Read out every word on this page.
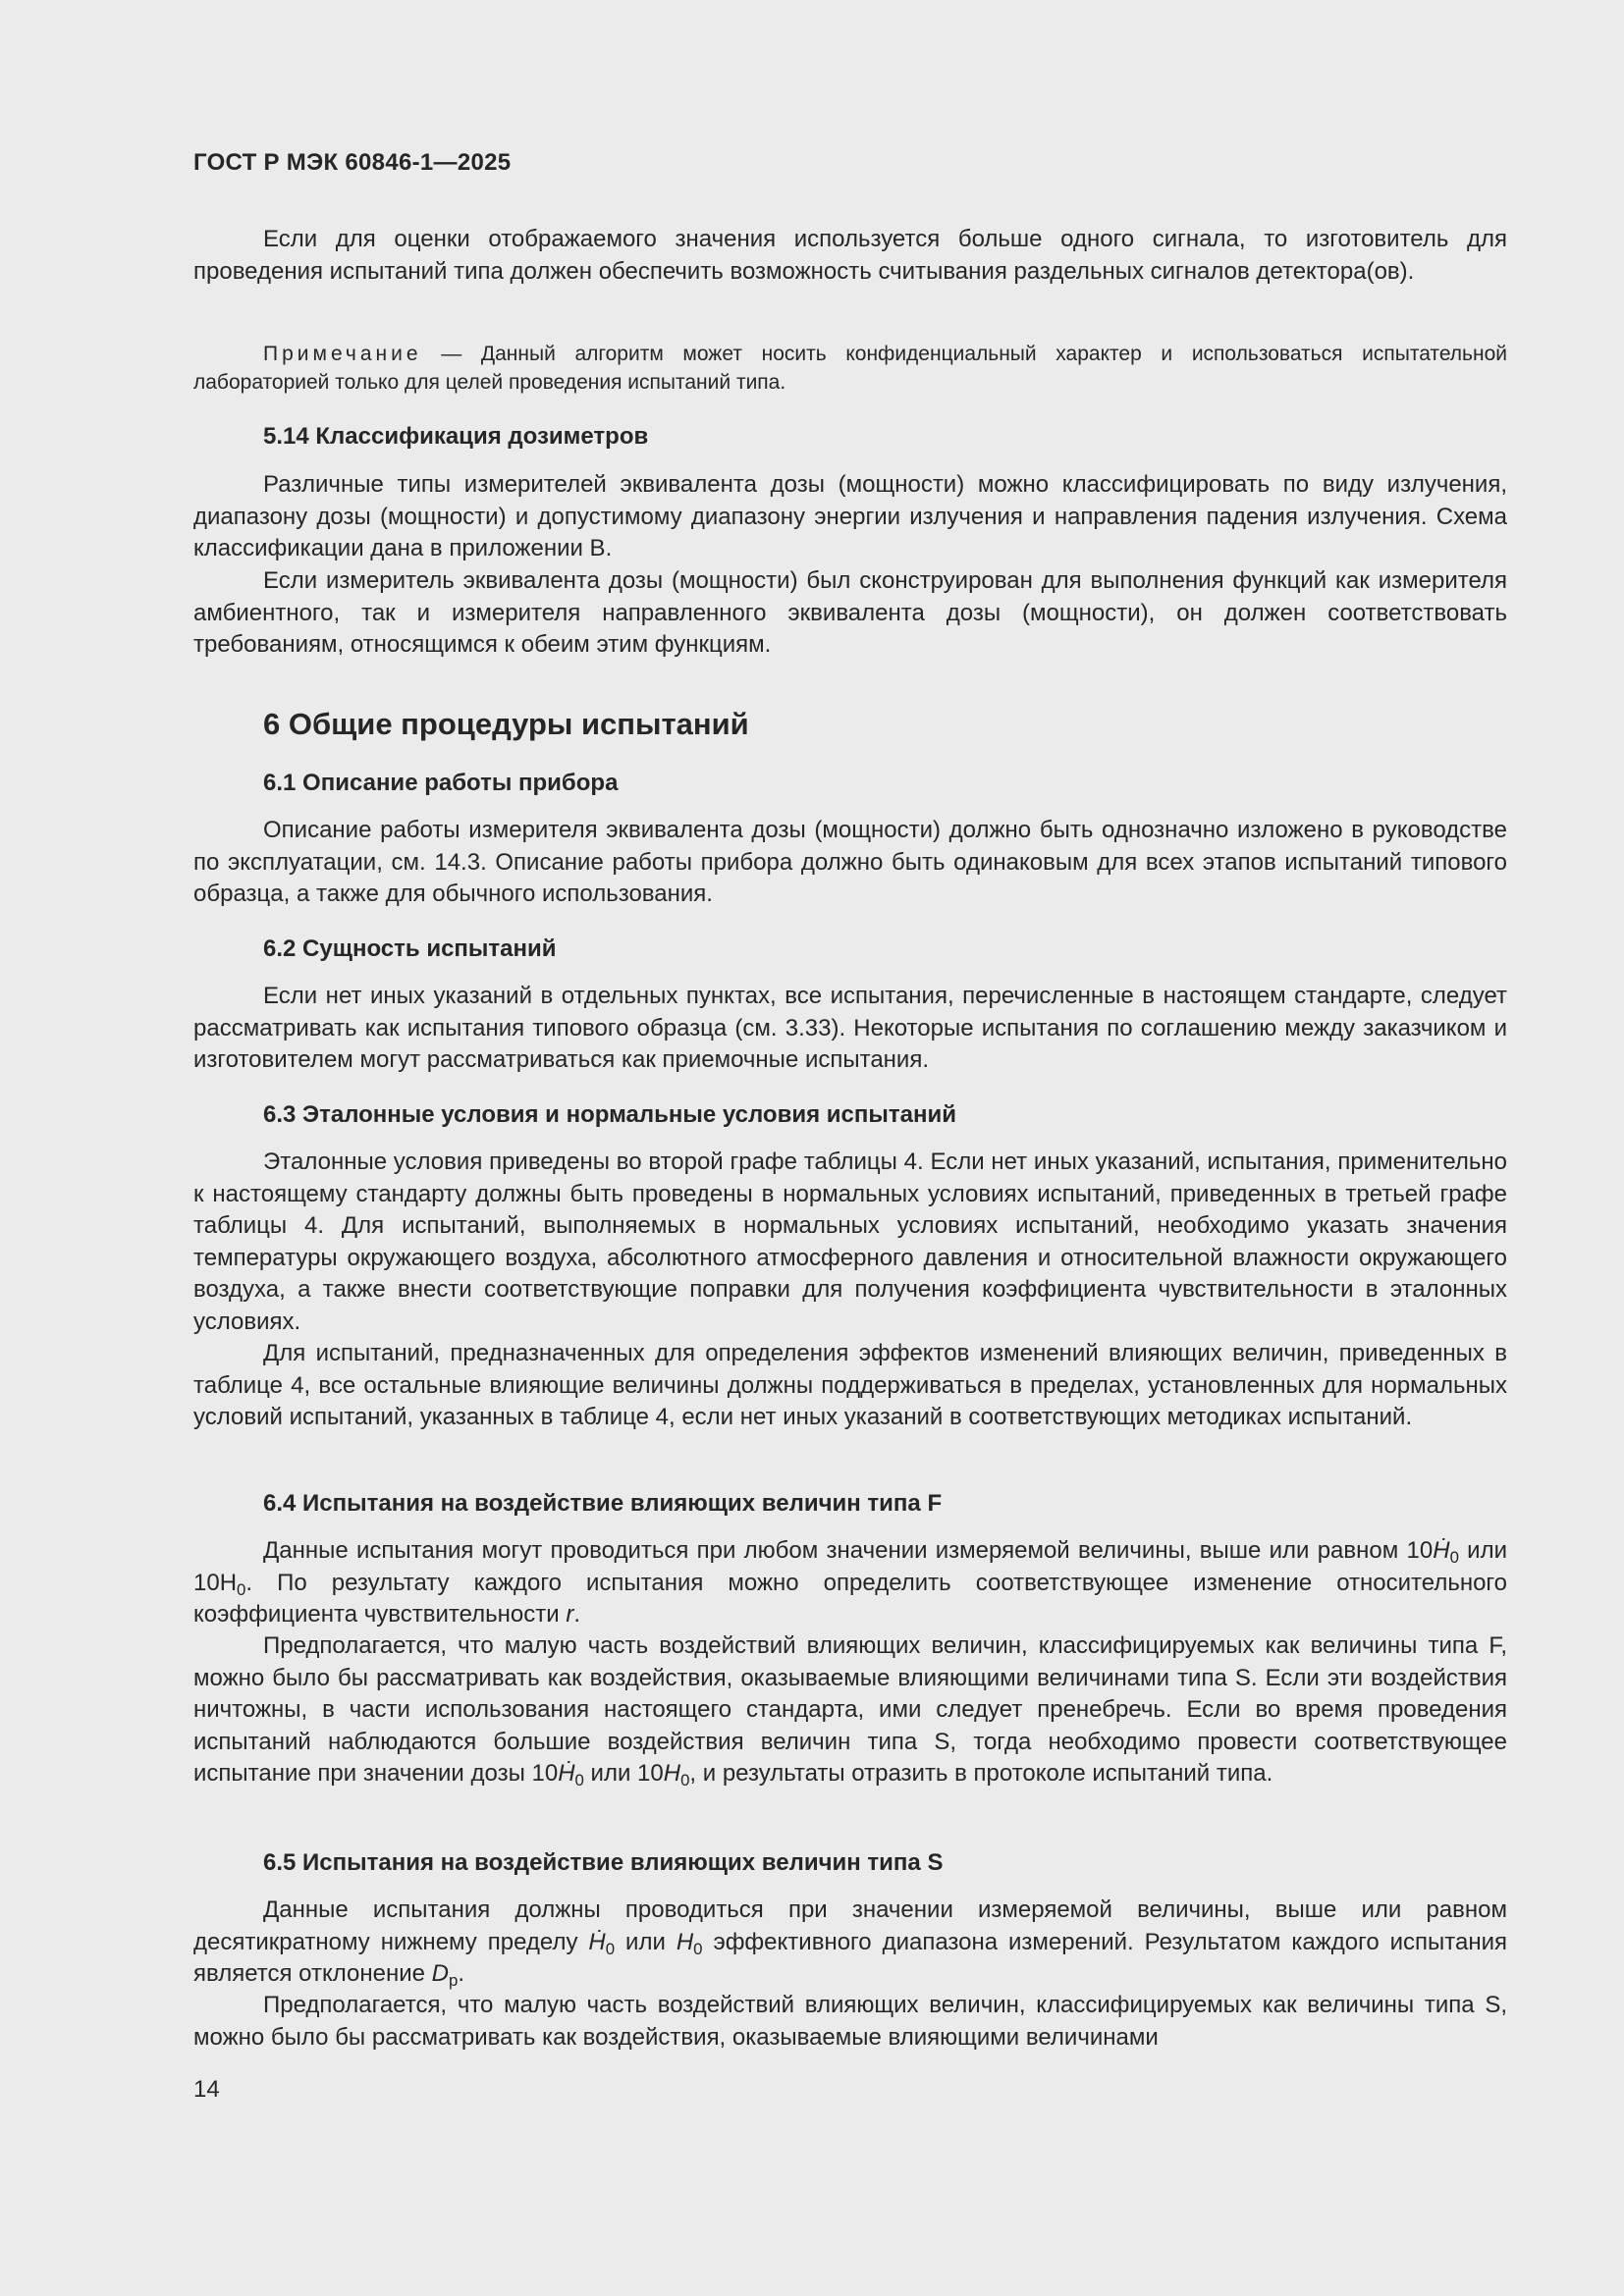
ГОСТ Р МЭК 60846-1—2025
Если для оценки отображаемого значения используется больше одного сигнала, то изготовитель для проведения испытаний типа должен обеспечить возможность считывания раздельных сигналов детектора(ов).
Примечание — Данный алгоритм может носить конфиденциальный характер и использоваться испытательной лабораторией только для целей проведения испытаний типа.
5.14 Классификация дозиметров
Различные типы измерителей эквивалента дозы (мощности) можно классифицировать по виду излучения, диапазону дозы (мощности) и допустимому диапазону энергии излучения и направления падения излучения. Схема классификации дана в приложении В.
Если измеритель эквивалента дозы (мощности) был сконструирован для выполнения функций как измерителя амбиентного, так и измерителя направленного эквивалента дозы (мощности), он должен соответствовать требованиям, относящимся к обеим этим функциям.
6 Общие процедуры испытаний
6.1 Описание работы прибора
Описание работы измерителя эквивалента дозы (мощности) должно быть однозначно изложено в руководстве по эксплуатации, см. 14.3. Описание работы прибора должно быть одинаковым для всех этапов испытаний типового образца, а также для обычного использования.
6.2 Сущность испытаний
Если нет иных указаний в отдельных пунктах, все испытания, перечисленные в настоящем стандарте, следует рассматривать как испытания типового образца (см. 3.33). Некоторые испытания по соглашению между заказчиком и изготовителем могут рассматриваться как приемочные испытания.
6.3 Эталонные условия и нормальные условия испытаний
Эталонные условия приведены во второй графе таблицы 4. Если нет иных указаний, испытания, применительно к настоящему стандарту должны быть проведены в нормальных условиях испытаний, приведенных в третьей графе таблицы 4. Для испытаний, выполняемых в нормальных условиях испытаний, необходимо указать значения температуры окружающего воздуха, абсолютного атмосферного давления и относительной влажности окружающего воздуха, а также внести соответствующие поправки для получения коэффициента чувствительности в эталонных условиях.
Для испытаний, предназначенных для определения эффектов изменений влияющих величин, приведенных в таблице 4, все остальные влияющие величины должны поддерживаться в пределах, установленных для нормальных условий испытаний, указанных в таблице 4, если нет иных указаний в соответствующих методиках испытаний.
6.4 Испытания на воздействие влияющих величин типа F
Данные испытания могут проводиться при любом значении измеряемой величины, выше или равном 10Ḣ$_0$ или $10H_0$. По результату каждого испытания можно определить соответствующее изменение относительного коэффициента чувствительности r.
Предполагается, что малую часть воздействий влияющих величин, классифицируемых как величины типа F, можно было бы рассматривать как воздействия, оказываемые влияющими величинами типа S. Если эти воздействия ничтожны, в части использования настоящего стандарта, ими следует пренебречь. Если во время проведения испытаний наблюдаются большие воздействия величин типа S, тогда необходимо провести соответствующее испытание при значении дозы 10Ḣ$_0$ или $10H_0$, и результаты отразить в протоколе испытаний типа.
6.5 Испытания на воздействие влияющих величин типа S
Данные испытания должны проводиться при значении измеряемой величины, выше или равном десятикратному нижнему пределу Ḣ$_0$ или $H_0$ эффективного диапазона измерений. Результатом каждого испытания является отклонение $D_p$.
Предполагается, что малую часть воздействий влияющих величин, классифицируемых как величины типа S, можно было бы рассматривать как воздействия, оказываемые влияющими величинами
14
